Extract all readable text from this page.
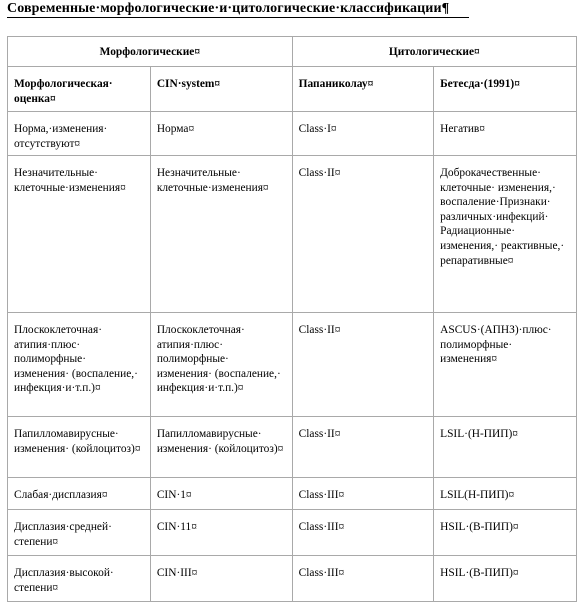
Современные·морфологические·и·цитологические·классификации¶
Морфологические¤		Цитологические¤	
Морфологическая· оценка¤	CIN·system¤	Папаниколау¤	Бетесда·(1991)¤
Норма,·изменения· отсутствуют¤	Норма¤	Class·I¤	Негатив¤
Незначительные· клеточные·изменения¤	Незначительные· клеточные·изменения¤	Class·II¤	Доброкачественные· клеточные· изменения,· воспаление·Признаки· различных·инфекций· Радиационные· изменения,· реактивные,· репаративные¤
Плоскоклеточная· атипия·плюс· полиморфные· изменения· (воспаление,· инфекция·и·т.п.)¤	Плоскоклеточная· атипия·плюс· полиморфные· изменения· (воспаление,· инфекция·и·т.п.)¤	Class·II¤	ASCUS·(АПНЗ)·плюс· полиморфные· изменения¤
Папилломавирусные· изменения· (койлоцитоз)¤	Папилломавирусные· изменения· (койлоцитоз)¤	Class·II¤	LSIL·(Н-ПИП)¤
Слабая·дисплазия¤	CIN·1¤	Class·III¤	LSIL(Н-ПИП)¤
Дисплазия·средней· степени¤	CIN·11¤	Class·III¤	HSIL·(В-ПИП)¤
Дисплазия·высокой· степени¤	CIN·III¤	Class·III¤	HSIL·(В-ПИП)¤
